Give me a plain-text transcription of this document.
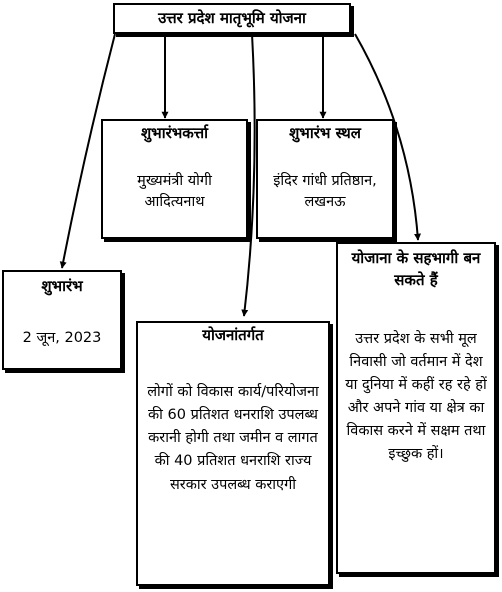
उत्तर प्रदेश मातृभूमि योजना
शुभारंभकर्त्ता
मुख्यमंत्री योगी आदित्यनाथ
शुभारंभ स्थल
इंदिर गांधी प्रतिष्ठान, लखनऊ
शुभारंभ
2 जून, 2023	योजनांतर्गत
लोगों को विकास कार्य/परियोजना की 60 प्रतिशत धनराशि उपलब्ध करानी होगी तथा जमीन व लागत की 40 प्रतिशत धनराशि राज्य सरकार उपलब्ध कराएगी
योजाना के सहभागी बन सकते हैं
उत्तर प्रदेश के सभी मूल निवासी जो वर्तमान में देश या दुनिया में कहीं रह रहे हों और अपने गांव या क्षेत्र का विकास करने में सक्षम तथा इच्छुक हों।
